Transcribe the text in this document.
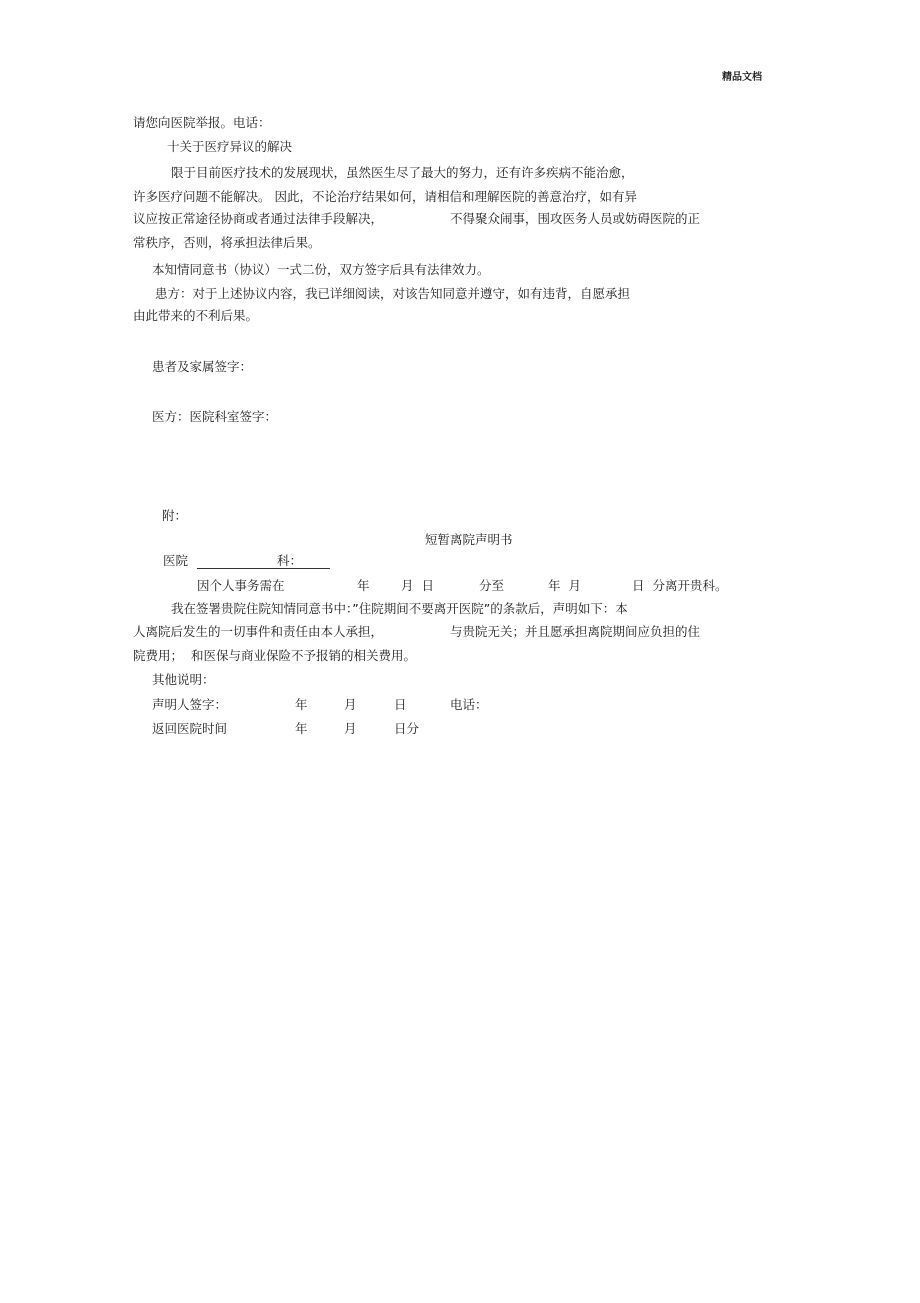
精品文档
请您向医院举报。电话：
十关于医疗异议的解决
限于目前医疗技术的发展现状，虽然医生尽了最大的努力，还有许多疾病不能治愈，
许多医疗问题不能解决。 因此，不论治疗结果如何，请相信和理解医院的善意治疗，如有异
议应按正常途径协商或者通过法律手段解决，	不得聚众闹事，围攻医务人员或妨碍医院的正
常秩序，否则，将承担法律后果。
本知情同意书（协议）一式二份，双方签字后具有法律效力。
患方：对于上述协议内容，我已详细阅读，对该告知同意并遵守，如有违背，自愿承担
由此带来的不利后果。
患者及家属签字：
医方：医院科室签字：
附：
短暂离院声明书
医院	科：
因个人事务需在	年	月  日	分至	年  月	日  分离开贵科。
我在签署贵院住院知情同意书中：”住院期间不要离开医院”的条款后，声明如下：本
人离院后发生的一切事件和责任由本人承担，	与贵院无关；并且愿承担离院期间应负担的住
院费用；  和医保与商业保险不予报销的相关费用。
其他说明：
声明人签字：	年	月	日	电话：
返回医院时间	年	月	日分
